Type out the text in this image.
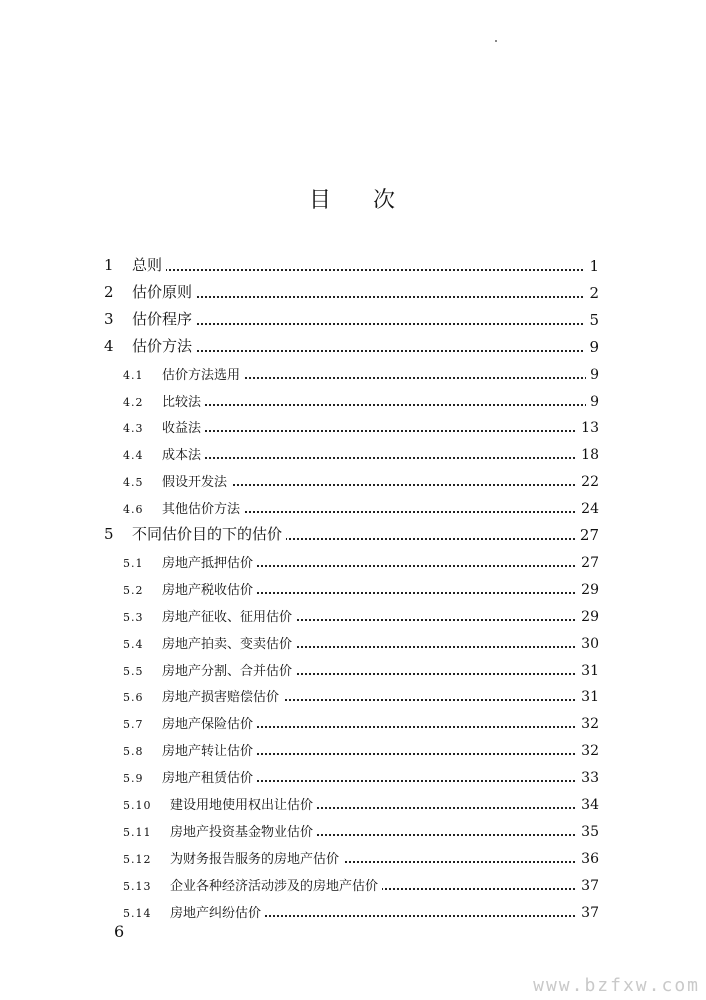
目次
1 总则	1
2 估价原则	2
3 估价程序	5
4 估价方法	9
4.1 估价方法选用	9
4.2 比较法	9
4.3 收益法	13
4.4 成本法	18
4.5 假设开发法	22
4.6 其他估价方法	24
5 不同估价目的下的估价	27
5.1 房地产抵押估价	27
5.2 房地产税收估价	29
5.3 房地产征收、征用估价	29
5.4 房地产拍卖、变卖估价	30
5.5 房地产分割、合并估价	31
5.6 房地产损害赔偿估价	31
5.7 房地产保险估价	32
5.8 房地产转让估价	32
5.9 房地产租赁估价	33
5.10 建设用地使用权出让估价	34
5.11 房地产投资基金物业估价	35
5.12 为财务报告服务的房地产估价	36
5.13 企业各种经济活动涉及的房地产估价	37
5.14 房地产纠纷估价	37
6
www.bzfxw.com
